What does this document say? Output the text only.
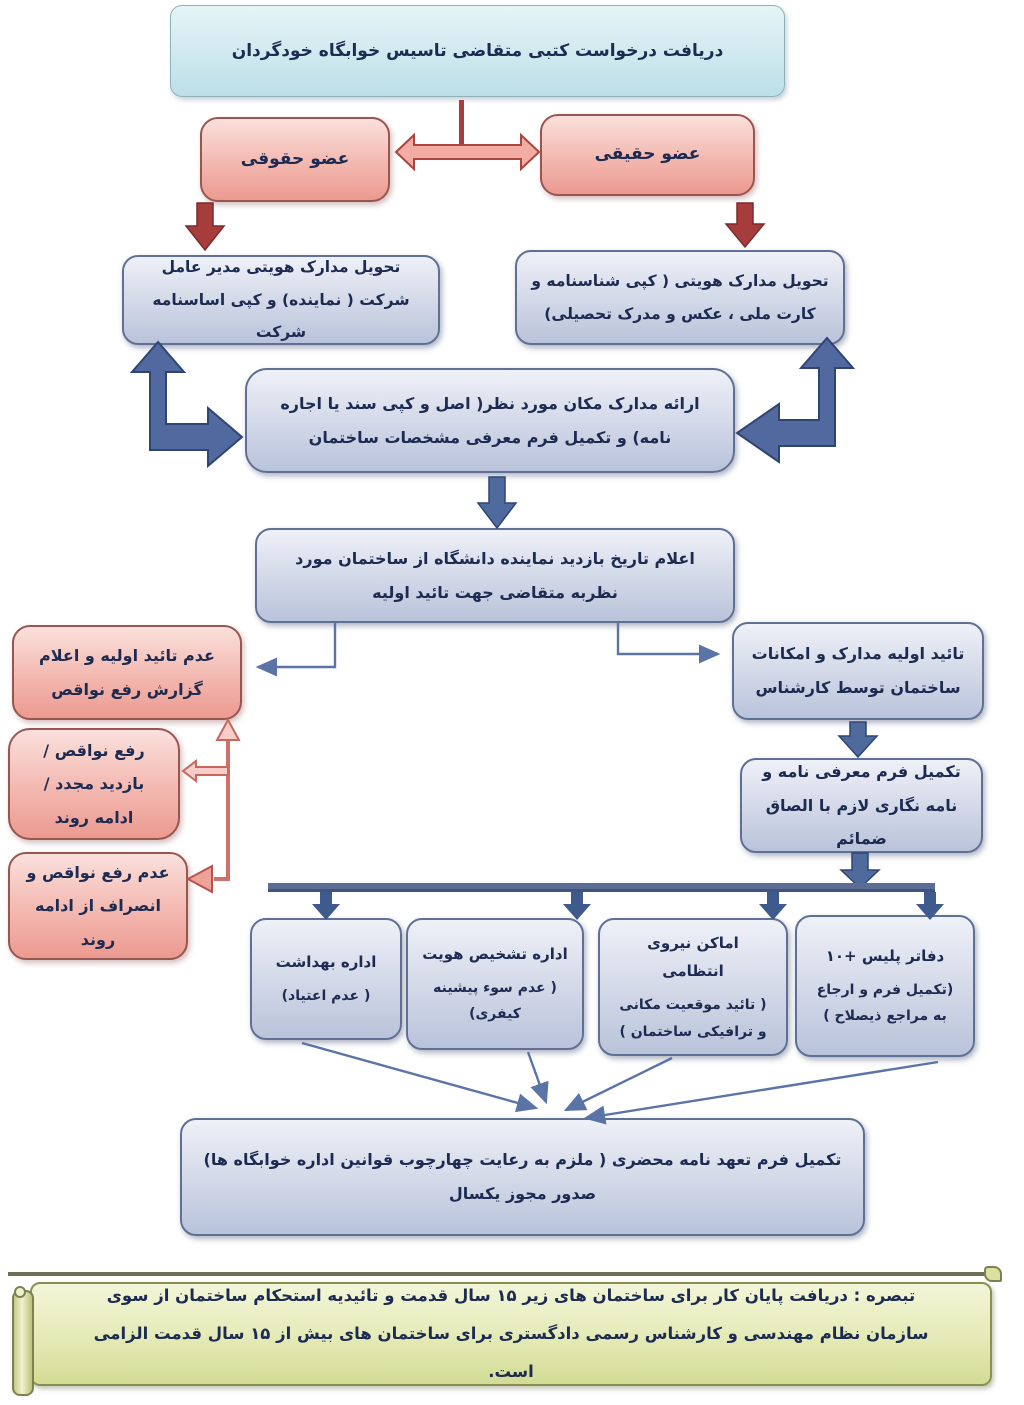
دریافت درخواست کتبی متقاضی تاسیس خوابگاه خودگردان
عضو حقوقی	عضو حقیقی
تحویل مدارک هویتی مدیر عامل شرکت ( نماینده) و کپی اساسنامه شرکت
تحویل مدارک هویتی ( کپی شناسنامه و کارت ملی ، عکس و مدرک تحصیلی)
ارائه مدارک مکان مورد نظر( اصل و کپی سند یا اجاره نامه) و تکمیل فرم معرفی مشخصات ساختمان
اعلام تاریخ بازدید نماینده دانشگاه از ساختمان مورد نظربه متقاضی جهت تائید اولیه
عدم تائید اولیه و اعلام گزارش رفع نواقص
تائید اولیه مدارک و امکانات ساختمان توسط کارشناس
رفع نواقص / بازدید مجدد / ادامه روند
عدم رفع نواقص و انصراف از ادامه روند
تکمیل فرم معرفی نامه و نامه نگاری لازم با الصاق ضمائم
اداره بهداشت
( عدم اعتیاد)
اداره تشخیص هویت
( عدم سوء پیشینه کیفری)
اماکن نیروی انتظامی
( تائید موقعیت مکانی و ترافیکی ساختمان )
دفاتر پلیس +۱۰
(تکمیل فرم و ارجاع به مراجع ذیصلاح )
تکمیل فرم تعهد نامه محضری ( ملزم به رعایت چهارچوب قوانین اداره خوابگاه ها) صدور مجوز یکسال
تبصره : دریافت پایان کار برای ساختمان های زیر ۱۵ سال قدمت و تائیدیه استحکام ساختمان از سوی سازمان نظام مهندسی و کارشناس رسمی دادگستری برای ساختمان های بیش از ۱۵ سال قدمت الزامی است.
